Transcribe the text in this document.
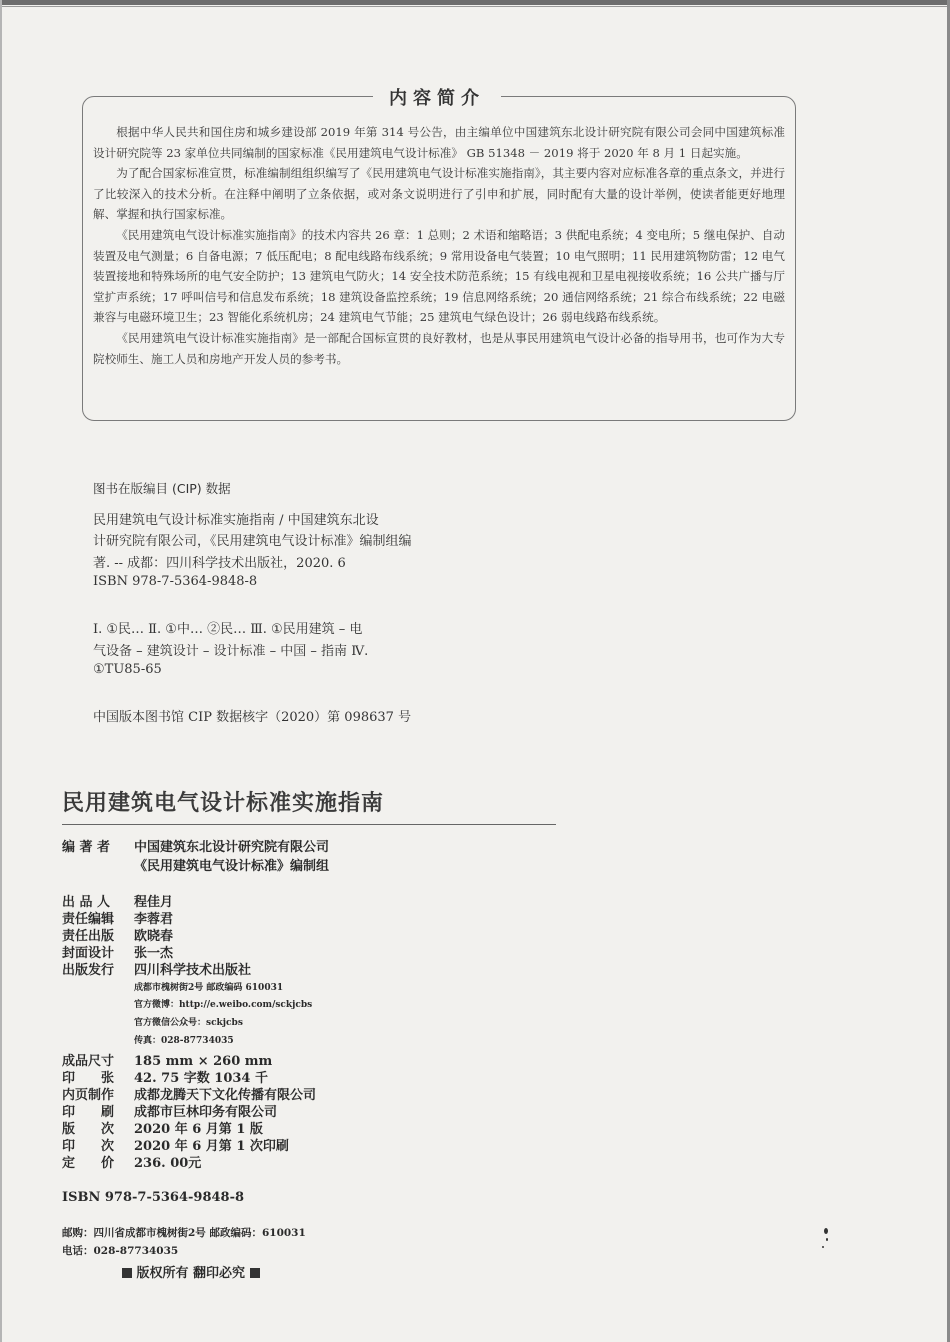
内容简介

根据中华人民共和国住房和城乡建设部 2019 年第 314 号公告，由主编单位中国建筑东北设计研究院有限公司会同中国建筑标准设计研究院等 23 家单位共同编制的国家标准《民用建筑电气设计标准》 GB 51348 － 2019 将于 2020 年 8 月 1 日起实施。

为了配合国家标准宣贯，标准编制组组织编写了《民用建筑电气设计标准实施指南》，其主要内容对应标准各章的重点条文，并进行了比较深入的技术分析。在注释中阐明了立条依据，或对条文说明进行了引申和扩展，同时配有大量的设计举例，使读者能更好地理解、掌握和执行国家标准。

《民用建筑电气设计标准实施指南》的技术内容共 26 章：1 总则；2 术语和缩略语；3 供配电系统；4 变电所；5 继电保护、自动装置及电气测量；6 自备电源；7 低压配电；8 配电线路布线系统；9 常用设备电气装置；10 电气照明；11 民用建筑物防雷；12 电气装置接地和特殊场所的电气安全防护；13 建筑电气防火；14 安全技术防范系统；15 有线电视和卫星电视接收系统；16 公共广播与厅堂扩声系统；17 呼叫信号和信息发布系统；18 建筑设备监控系统；19 信息网络系统；20 通信网络系统；21 综合布线系统；22 电磁兼容与电磁环境卫生；23 智能化系统机房；24 建筑电气节能；25 建筑电气绿色设计；26 弱电线路布线系统。

《民用建筑电气设计标准实施指南》是一部配合国标宣贯的良好教材，也是从事民用建筑电气设计必备的指导用书，也可作为大专院校师生、施工人员和房地产开发人员的参考书。

图书在版编目 (CIP) 数据
民用建筑电气设计标准实施指南 / 中国建筑东北设
计研究院有限公司，《民用建筑电气设计标准》编制组编
著. -- 成都：四川科学技术出版社，2020. 6
ISBN 978-7-5364-9848-8
Ⅰ. ①民… Ⅱ. ①中… ②民… Ⅲ. ①民用建筑 – 电
气设备 – 建筑设计 – 设计标准 – 中国 – 指南 Ⅳ.
①TU85-65
中国版本图书馆 CIP 数据核字（2020）第 098637 号
民用建筑电气设计标准实施指南
编 著 者 中国建筑东北设计研究院有限公司
《民用建筑电气设计标准》编制组
出 品 人 程佳月
责任编辑 李蓉君
责任出版 欧晓春
封面设计 张一杰
出版发行 四川科学技术出版社
成都市槐树街2号 邮政编码 610031
官方微博：http://e.weibo.com/sckjcbs
官方微信公众号：sckjcbs
传真：028-87734035
成品尺寸 185 mm × 260 mm
印　　张 42. 75 字数 1034 千
内页制作 成都龙腾天下文化传播有限公司
印　　刷 成都市巨林印务有限公司
版　　次 2020 年 6 月第 1 版
印　　次 2020 年 6 月第 1 次印刷
定　　价 236. 00元
ISBN 978-7-5364-9848-8
邮购：四川省成都市槐树街2号 邮政编码：610031
电话：028-87734035
版权所有 翻印必究
